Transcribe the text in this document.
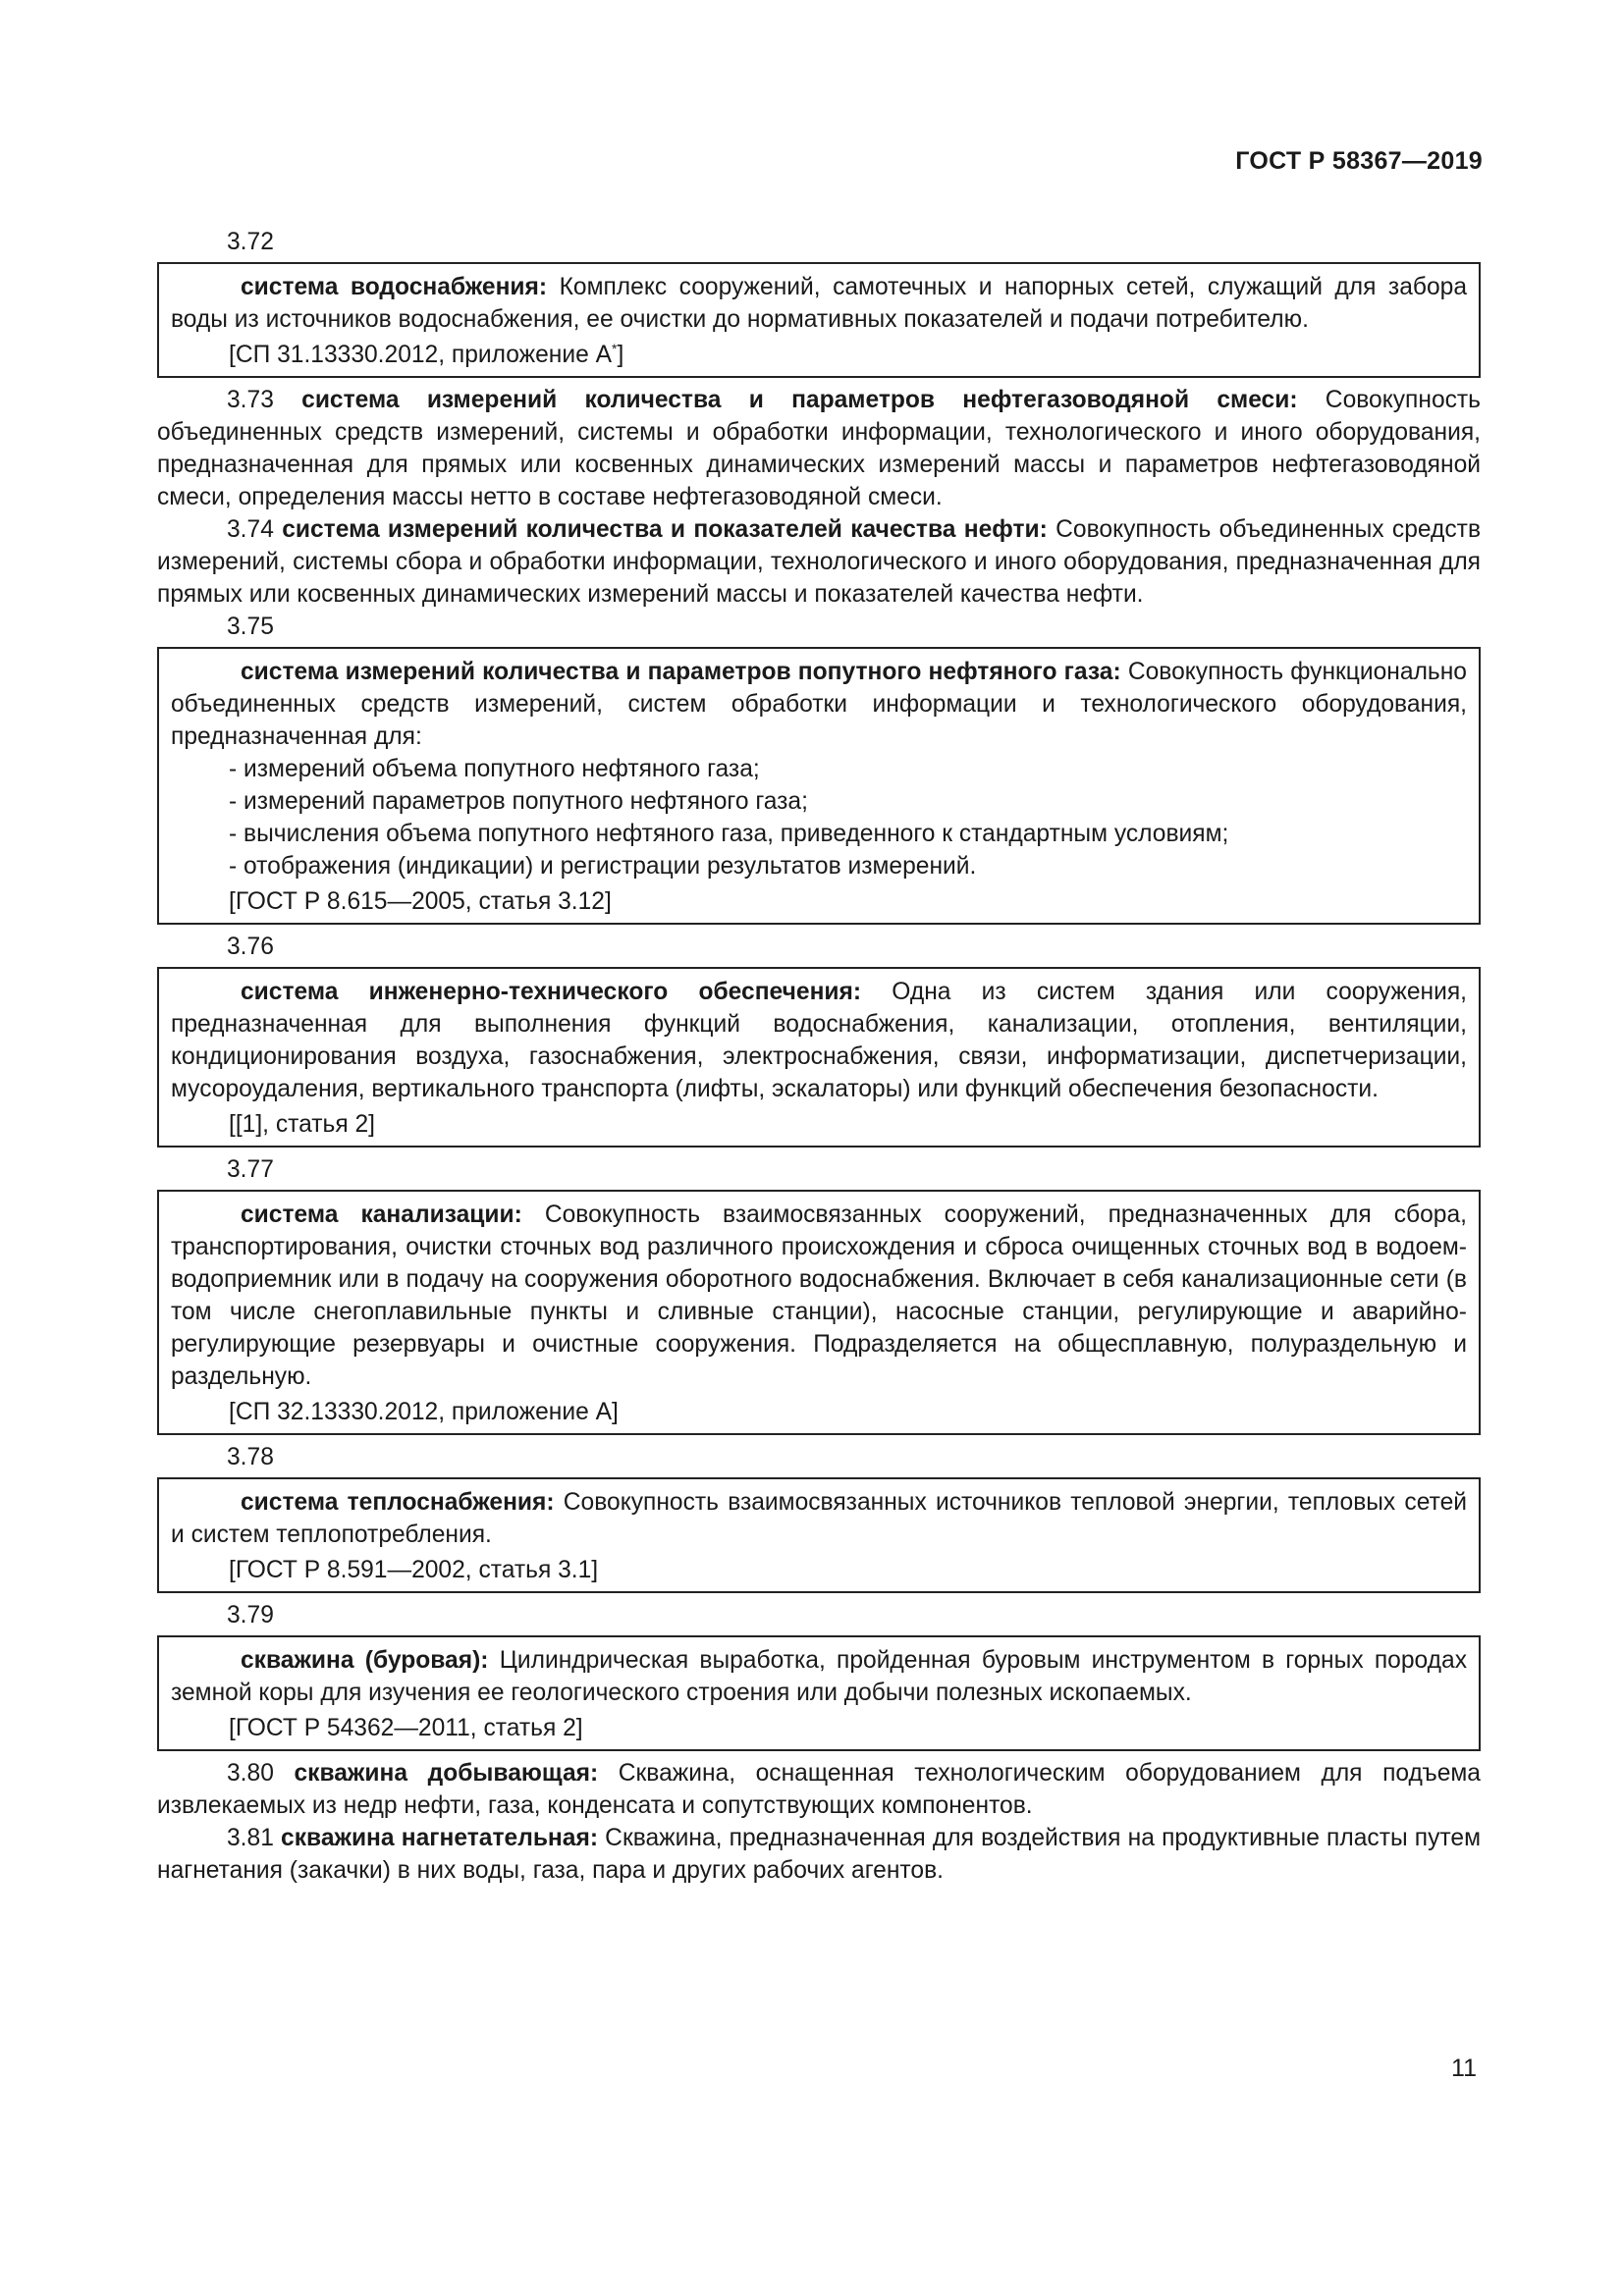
ГОСТ Р 58367—2019
3.72

система водоснабжения: Комплекс сооружений, самотечных и напорных сетей, служащий для забора воды из источников водоснабжения, ее очистки до нормативных показателей и подачи потребителю.

[СП 31.13330.2012, приложение А*]

3.73 система измерений количества и параметров нефтегазоводяной смеси: Совокупность объединенных средств измерений, системы и обработки информации, технологического и иного оборудования, предназначенная для прямых или косвенных динамических измерений массы и параметров нефтегазоводяной смеси, определения массы нетто в составе нефтегазоводяной смеси.

3.74 система измерений количества и показателей качества нефти: Совокупность объединенных средств измерений, системы сбора и обработки информации, технологического и иного оборудования, предназначенная для прямых или косвенных динамических измерений массы и показателей качества нефти.

3.75

система измерений количества и параметров попутного нефтяного газа: Совокупность функционально объединенных средств измерений, систем обработки информации и технологического оборудования, предназначенная для:

- измерений объема попутного нефтяного газа;
- измерений параметров попутного нефтяного газа;
- вычисления объема попутного нефтяного газа, приведенного к стандартным условиям;
- отображения (индикации) и регистрации результатов измерений.

[ГОСТ Р 8.615—2005, статья 3.12]

3.76

система инженерно-технического обеспечения: Одна из систем здания или сооружения, предназначенная для выполнения функций водоснабжения, канализации, отопления, вентиляции, кондиционирования воздуха, газоснабжения, электроснабжения, связи, информатизации, диспетчеризации, мусороудаления, вертикального транспорта (лифты, эскалаторы) или функций обеспечения безопасности.

[[1], статья 2]

3.77

система канализации: Совокупность взаимосвязанных сооружений, предназначенных для сбора, транспортирования, очистки сточных вод различного происхождения и сброса очищенных сточных вод в водоем-водоприемник или в подачу на сооружения оборотного водоснабжения. Включает в себя канализационные сети (в том числе снегоплавильные пункты и сливные станции), насосные станции, регулирующие и аварийно-регулирующие резервуары и очистные сооружения. Подразделяется на общесплавную, полураздельную и раздельную.

[СП 32.13330.2012, приложение А]

3.78

система теплоснабжения: Совокупность взаимосвязанных источников тепловой энергии, тепловых сетей и систем теплопотребления.

[ГОСТ Р 8.591—2002, статья 3.1]

3.79

скважина (буровая): Цилиндрическая выработка, пройденная буровым инструментом в горных породах земной коры для изучения ее геологического строения или добычи полезных ископаемых.

[ГОСТ Р 54362—2011, статья 2]

3.80 скважина добывающая: Скважина, оснащенная технологическим оборудованием для подъема извлекаемых из недр нефти, газа, конденсата и сопутствующих компонентов.

3.81 скважина нагнетательная: Скважина, предназначенная для воздействия на продуктивные пласты путем нагнетания (закачки) в них воды, газа, пара и других рабочих агентов.

11
